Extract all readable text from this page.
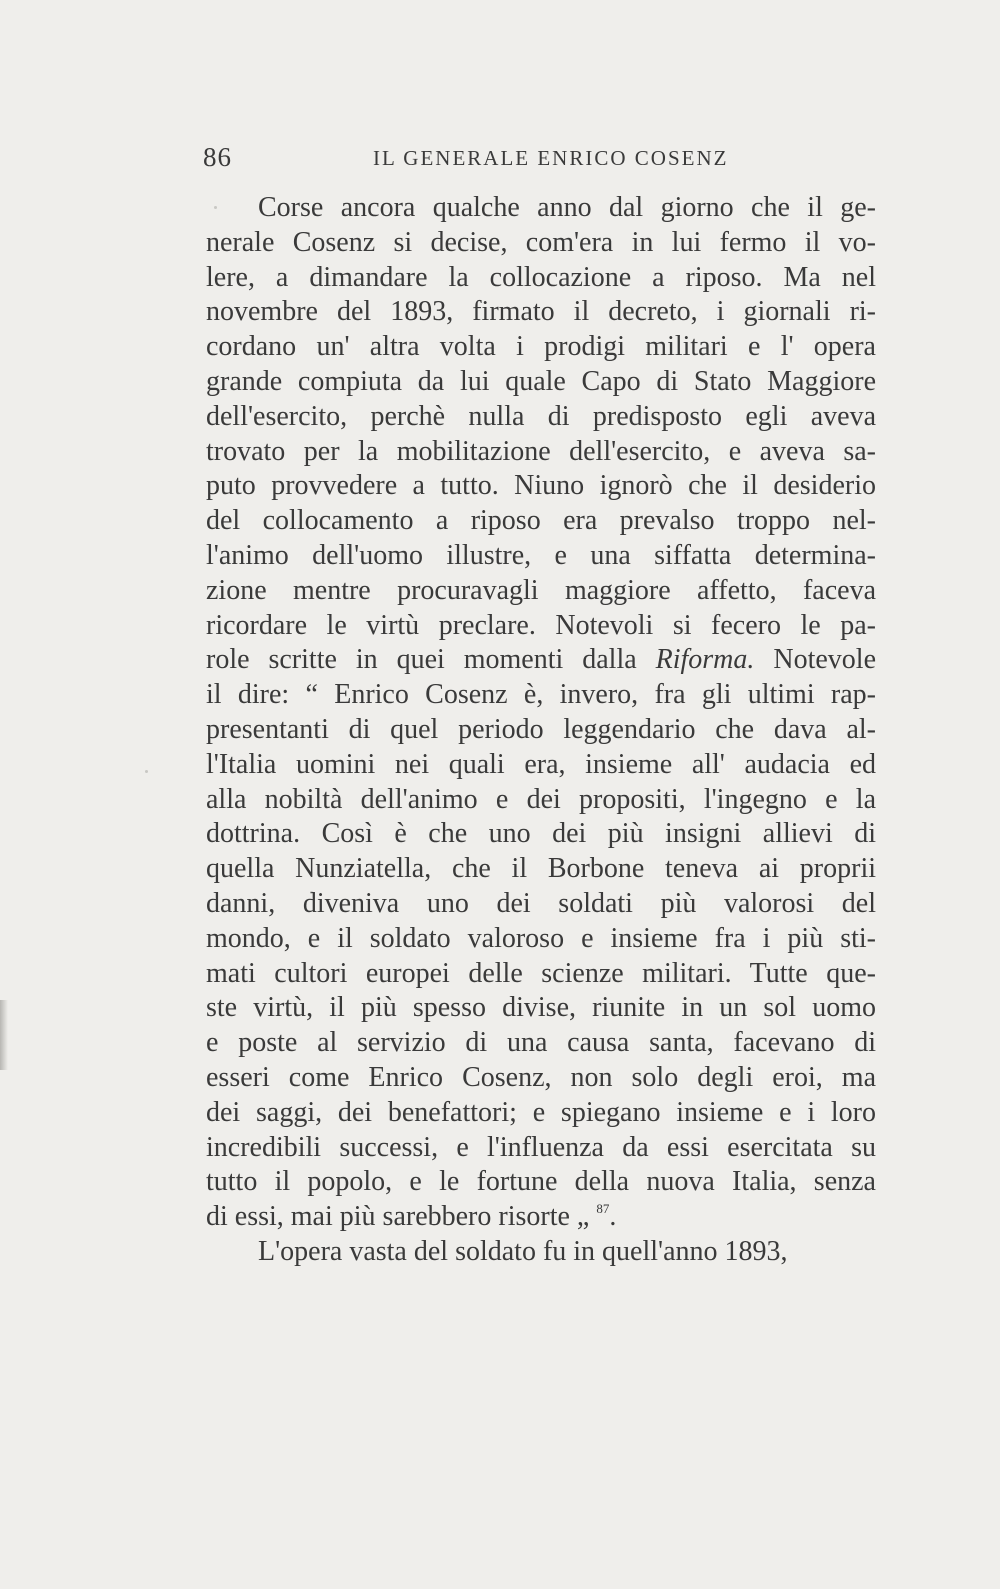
86	IL GENERALE ENRICO COSENZ
Corse ancora qualche anno dal giorno che il ge-
nerale Cosenz si decise, com'era in lui fermo il vo-
lere, a dimandare la collocazione a riposo. Ma nel
novembre del 1893, firmato il decreto, i giornali ri-
cordano un' altra volta i prodigi militari e l' opera
grande compiuta da lui quale Capo di Stato Maggiore
dell'esercito, perchè nulla di predisposto egli aveva
trovato per la mobilitazione dell'esercito, e aveva sa-
puto provvedere a tutto. Niuno ignorò che il desiderio
del collocamento a riposo era prevalso troppo nel-
l'animo dell'uomo illustre, e una siffatta determina-
zione mentre procuravagli maggiore affetto, faceva
ricordare le virtù preclare. Notevoli si fecero le pa-
role scritte in quei momenti dalla Riforma. Notevole
il dire: “ Enrico Cosenz è, invero, fra gli ultimi rap-
presentanti di quel periodo leggendario che dava al-
l'Italia uomini nei quali era, insieme all' audacia ed
alla nobiltà dell'animo e dei propositi, l'ingegno e la
dottrina. Così è che uno dei più insigni allievi di
quella Nunziatella, che il Borbone teneva ai proprii
danni, diveniva uno dei soldati più valorosi del
mondo, e il soldato valoroso e insieme fra i più sti-
mati cultori europei delle scienze militari. Tutte que-
ste virtù, il più spesso divise, riunite in un sol uomo
e poste al servizio di una causa santa, facevano di
esseri come Enrico Cosenz, non solo degli eroi, ma
dei saggi, dei benefattori; e spiegano insieme e i loro
incredibili successi, e l'influenza da essi esercitata su
tutto il popolo, e le fortune della nuova Italia, senza
di essi, mai più sarebbero risorte „ $^{87}$.
L'opera vasta del soldato fu in quell'anno 1893,
